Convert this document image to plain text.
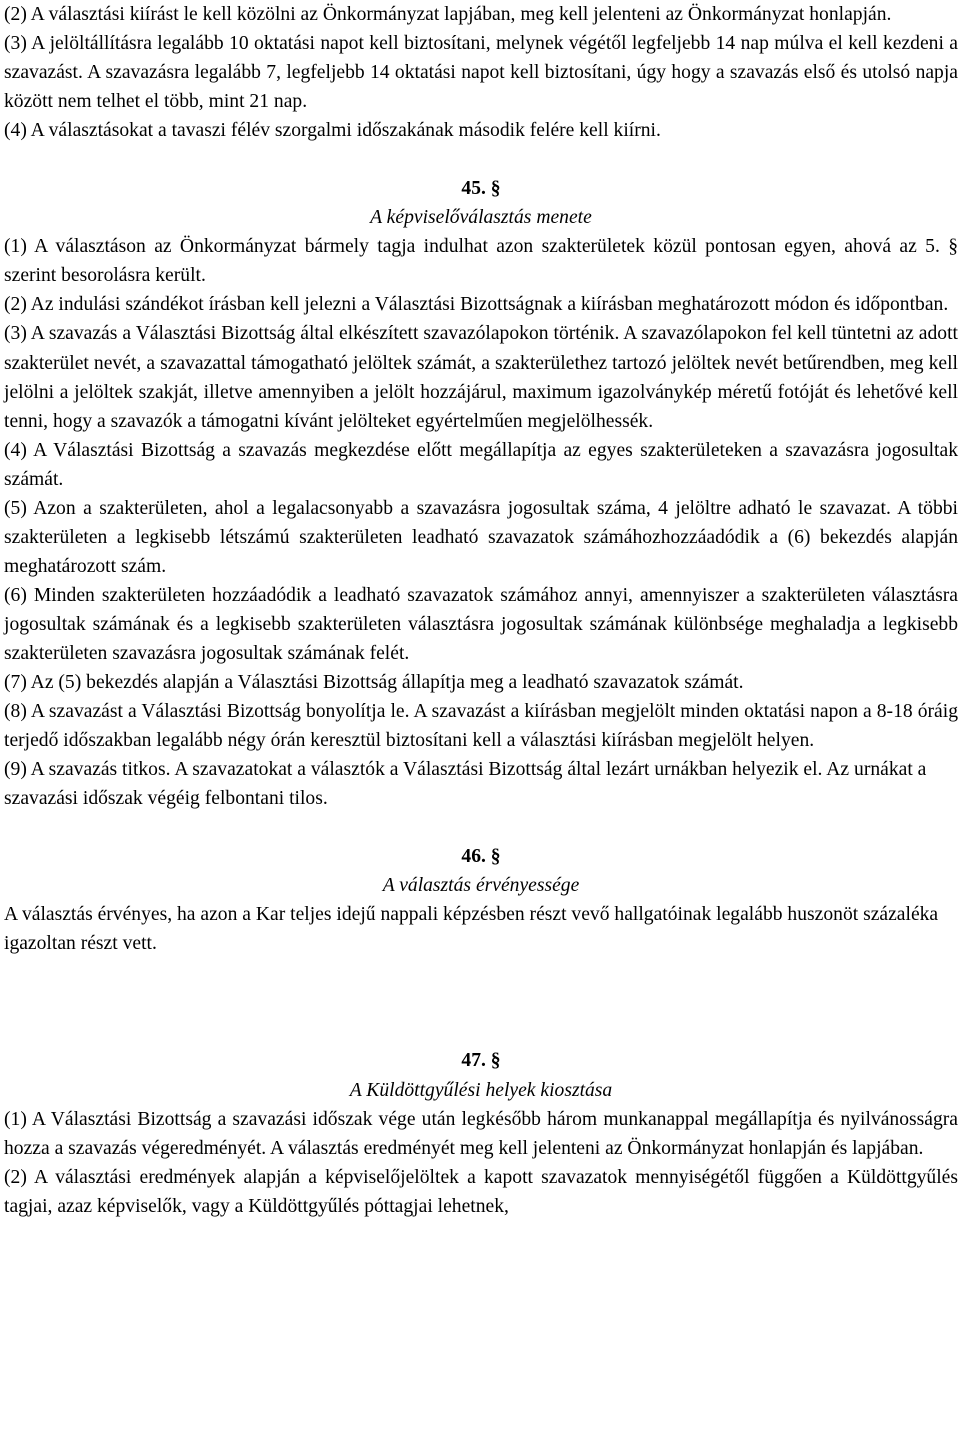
(2) A választási kiírást le kell közölni az Önkormányzat lapjában, meg kell jelenteni az Önkormányzat honlapján.

(3) A jelöltállításra legalább 10 oktatási napot kell biztosítani, melynek végétől legfeljebb 14 nap múlva el kell kezdeni a szavazást. A szavazásra legalább 7, legfeljebb 14 oktatási napot kell biztosítani, úgy hogy a szavazás első és utolsó napja között nem telhet el több, mint 21 nap.

(4) A választásokat a tavaszi félév szorgalmi időszakának második felére kell kiírni.

45. §
A képviselőválasztás menete

(1) A választáson az Önkormányzat bármely tagja indulhat azon szakterületek közül pontosan egyen, ahová az 5. § szerint besorolásra került.

(2) Az indulási szándékot írásban kell jelezni a Választási Bizottságnak a kiírásban meghatározott módon és időpontban.

(3) A szavazás a Választási Bizottság által elkészített szavazólapokon történik. A szavazólapokon fel kell tüntetni az adott szakterület nevét, a szavazattal támogatható jelöltek számát, a szakterülethez tartozó jelöltek nevét betűrendben, meg kell jelölni a jelöltek szakját, illetve amennyiben a jelölt hozzájárul, maximum igazolványkép méretű fotóját és lehetővé kell tenni, hogy a szavazók a támogatni kívánt jelölteket egyértelműen megjelölhessék.

(4) A Választási Bizottság a szavazás megkezdése előtt megállapítja az egyes szakterületeken a szavazásra jogosultak számát.

(5) Azon a szakterületen, ahol a legalacsonyabb a szavazásra jogosultak száma, 4 jelöltre adható le szavazat. A többi szakterületen a legkisebb létszámú szakterületen leadható szavazatok számáhozhozzáadódik a (6) bekezdés alapján meghatározott szám.

(6) Minden szakterületen hozzáadódik a leadható szavazatok számához annyi, amennyiszer a szakterületen választásra jogosultak számának és a legkisebb szakterületen választásra jogosultak számának különbsége meghaladja a legkisebb szakterületen szavazásra jogosultak számának felét.

(7) Az (5) bekezdés alapján a Választási Bizottság állapítja meg a leadható szavazatok számát.

(8) A szavazást a Választási Bizottság bonyolítja le. A szavazást a kiírásban megjelölt minden oktatási napon a 8-18 óráig terjedő időszakban legalább négy órán keresztül biztosítani kell a választási kiírásban megjelölt helyen.

(9) A szavazás titkos. A szavazatokat a választók a Választási Bizottság által lezárt urnákban helyezik el. Az urnákat a szavazási időszak végéig felbontani tilos.

46. §
A választás érvényessége

A választás érvényes, ha azon a Kar teljes idejű nappali képzésben részt vevő hallgatóinak legalább huszonöt százaléka igazoltan részt vett.

47. §
A Küldöttgyűlési helyek kiosztása

(1) A Választási Bizottság a szavazási időszak vége után legkésőbb három munkanappal megállapítja és nyilvánosságra hozza a szavazás végeredményét. A választás eredményét meg kell jelenteni az Önkormányzat honlapján és lapjában.

(2) A választási eredmények alapján a képviselőjelöltek a kapott szavazatok mennyiségétől függően a Küldöttgyűlés tagjai, azaz képviselők, vagy a Küldöttgyűlés póttagjai lehetnek,
